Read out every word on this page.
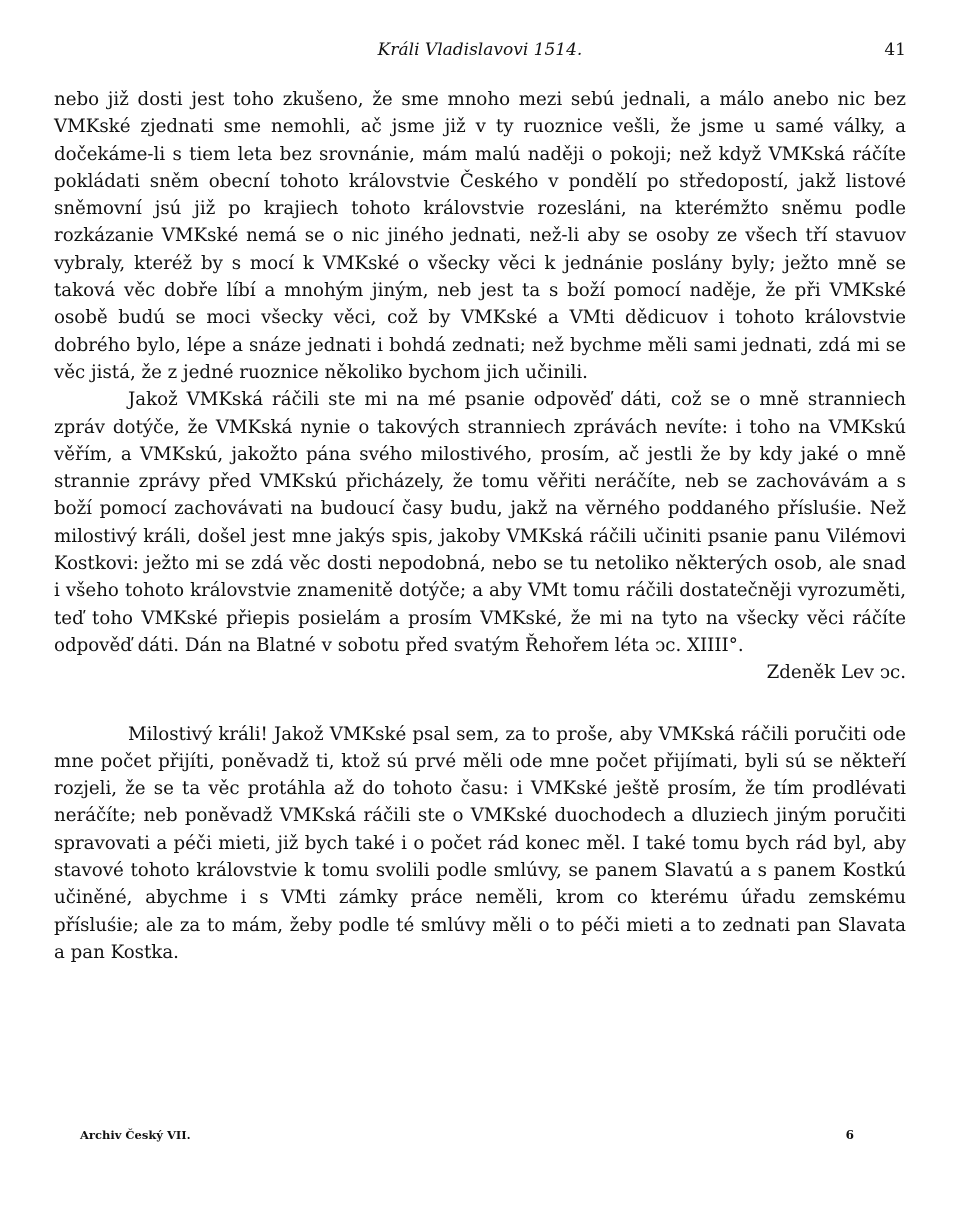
Králi Vladislavovi 1514.	41

nebo již dosti jest toho zkušeno, že sme mnoho mezi sebú jednali, a málo anebo nic bez VMKské zjednati sme nemohli, ač jsme již v ty ruoznice vešli, že jsme u samé války, a dočekáme-li s tiem leta bez srovnánie, mám malú naději o pokoji; než když VMKská ráčíte pokládati sněm obecní tohoto královstvie Českého v pondělí po středopostí, jakž listové sněmovní jsú již po krajiech tohoto královstvie rozesláni, na kterémžto sněmu podle rozkázanie VMKské nemá se o nic jiného jednati, než-li aby se osoby ze všech tří stavuov vybraly, kteréž by s mocí k VMKské o všecky věci k jednánie poslány byly; ježto mně se taková věc dobře líbí a mnohým jiným, neb jest ta s boží pomocí naděje, že při VMKské osobě budú se moci všecky věci, což by VMKské a VMti dědicuov i tohoto královstvie dobrého bylo, lépe a snáze jednati i bohdá zednati; než bychme měli sami jednati, zdá mi se věc jistá, že z jedné ruoznice několiko bychom jich učinili.

Jakož VMKská ráčili ste mi na mé psanie odpověď dáti, což se o mně stranniech zpráv dotýče, že VMKská nynie o takových stranniech zprávách nevíte: i toho na VMKskú věřím, a VMKskú, jakožto pána svého milostivého, prosím, ač jestli že by kdy jaké o mně strannie zprávy před VMKskú přicházely, že tomu věřiti neráčíte, neb se zachovávám a s boží pomocí zachovávati na budoucí časy budu, jakž na věrného poddaného přísluśie. Než milostivý králi, došel jest mne jakýs spis, jakoby VMKská ráčili učiniti psanie panu Vilémovi Kostkovi: ježto mi se zdá věc dosti nepodobná, nebo se tu netoliko některých osob, ale snad i všeho tohoto královstvie znamenitě dotýče; a aby VMt tomu ráčili dostatečněji vyrozuměti, teď toho VMKské přiepis posielám a prosím VMKské, že mi na tyto na všecky věci ráčíte odpověď dáti. Dán na Blatné v sobotu před svatým Řehořem léta ↄc. XIIII°.

Zdeněk Lev ↄc.

Milostivý králi! Jakož VMKské psal sem, za to proše, aby VMKská ráčili poručiti ode mne počet přijíti, poněvadž ti, ktož sú prvé měli ode mne počet přijímati, byli sú se někteří rozjeli, že se ta věc protáhla až do tohoto času: i VMKské ještě prosím, že tím prodlévati neráčíte; neb poněvadž VMKská ráčili ste o VMKské duochodech a dluziech jiným poručiti spravovati a péči mieti, již bych také i o počet rád konec měl. I také tomu bych rád byl, aby stavové tohoto královstvie k tomu svolili podle smlúvy, se panem Slavatú a s panem Kostkú učiněné, abychme i s VMti zámky práce neměli, krom co kterému úřadu zemskému přísluśie; ale za to mám, žeby podle té smlúvy měli o to péči mieti a to zednati pan Slavata a pan Kostka.

Archiv Český VII.	6
